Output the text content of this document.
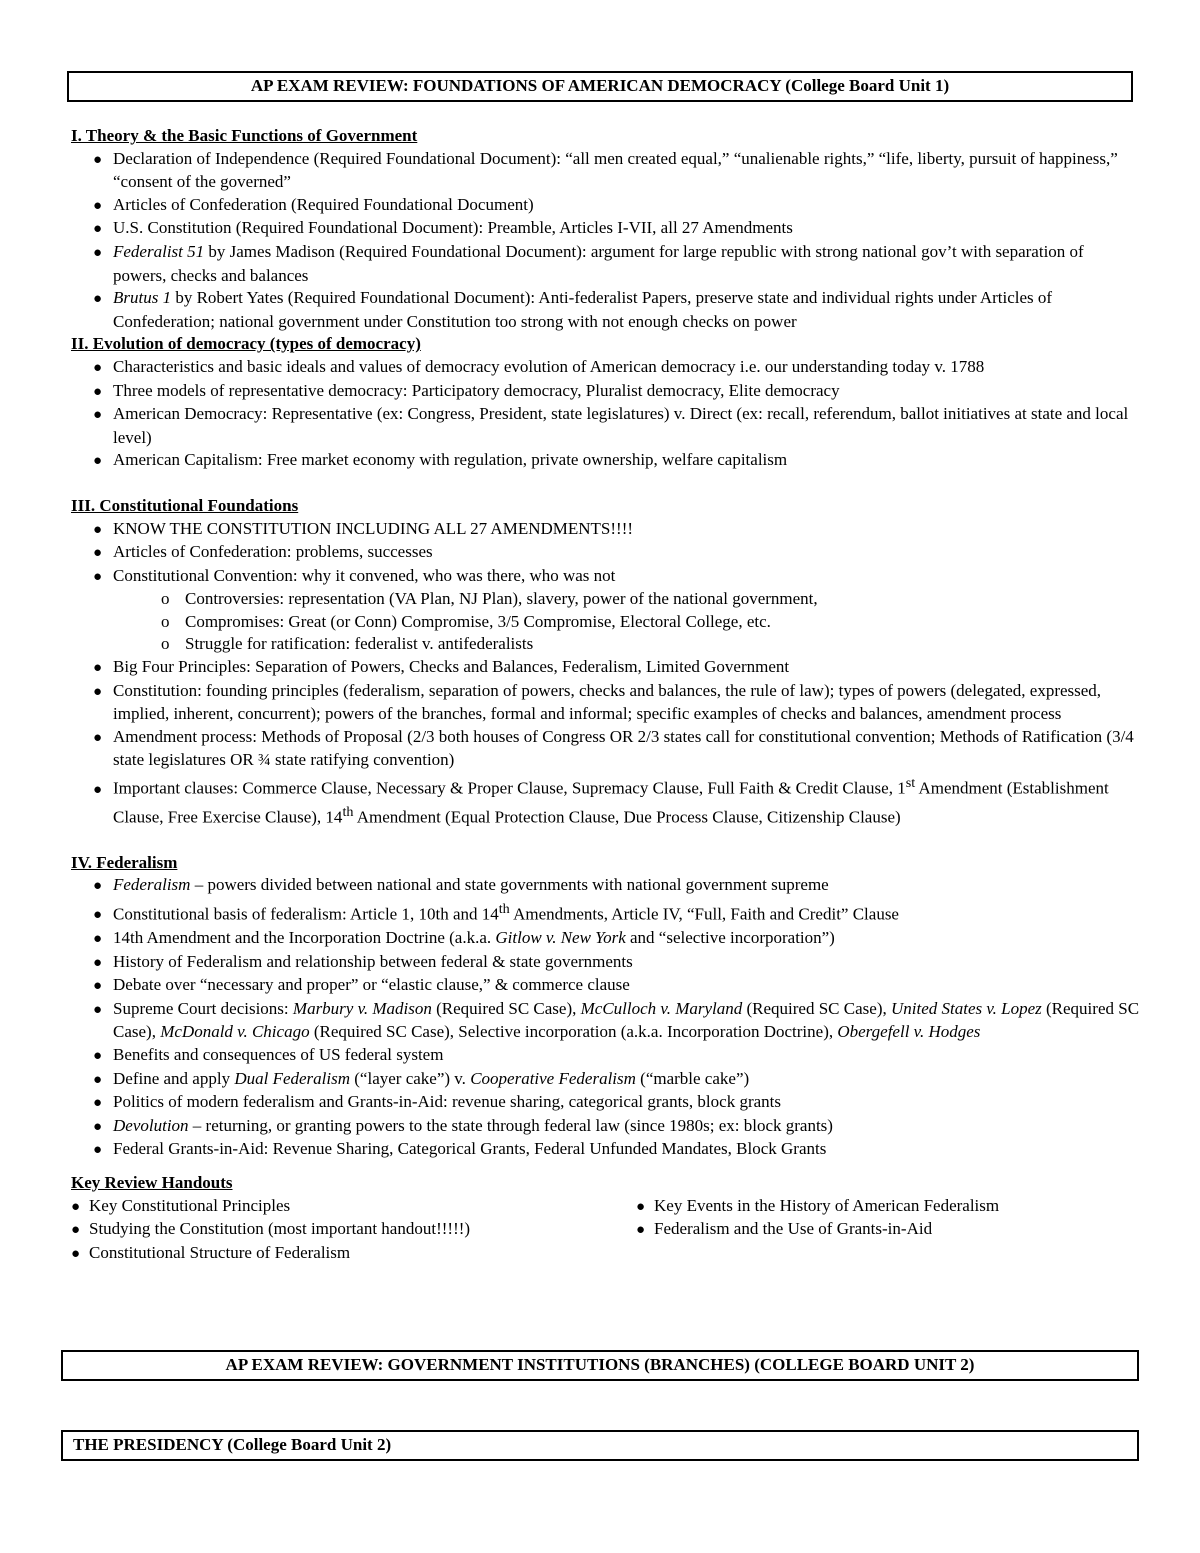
AP EXAM REVIEW: FOUNDATIONS OF AMERICAN DEMOCRACY (College Board Unit 1)
I. Theory & the Basic Functions of Government
● Declaration of Independence (Required Foundational Document): “all men created equal,” “unalienable rights,” “life, liberty, pursuit of happiness,” “consent of the governed”
● Articles of Confederation (Required Foundational Document)
● U.S. Constitution (Required Foundational Document): Preamble, Articles I-VII, all 27 Amendments
● Federalist 51 by James Madison (Required Foundational Document): argument for large republic with strong national gov’t with separation of powers, checks and balances
● Brutus 1 by Robert Yates (Required Foundational Document): Anti-federalist Papers, preserve state and individual rights under Articles of Confederation; national government under Constitution too strong with not enough checks on power
II. Evolution of democracy (types of democracy)
● Characteristics and basic ideals and values of democracy evolution of American democracy i.e. our understanding today v. 1788
● Three models of representative democracy: Participatory democracy, Pluralist democracy, Elite democracy
● American Democracy: Representative (ex: Congress, President, state legislatures) v. Direct (ex: recall, referendum, ballot initiatives at state and local level)
● American Capitalism: Free market economy with regulation, private ownership, welfare capitalism
III. Constitutional Foundations
● KNOW THE CONSTITUTION INCLUDING ALL 27 AMENDMENTS!!!!
● Articles of Confederation: problems, successes
● Constitutional Convention: why it convened, who was there, who was not
o Controversies: representation (VA Plan, NJ Plan), slavery, power of the national government,
o Compromises: Great (or Conn) Compromise, 3/5 Compromise, Electoral College, etc.
o Struggle for ratification: federalist v. antifederalists
● Big Four Principles: Separation of Powers, Checks and Balances, Federalism, Limited Government
● Constitution: founding principles (federalism, separation of powers, checks and balances, the rule of law); types of powers (delegated, expressed, implied, inherent, concurrent); powers of the branches, formal and informal; specific examples of checks and balances, amendment process
● Amendment process: Methods of Proposal (2/3 both houses of Congress OR 2/3 states call for constitutional convention; Methods of Ratification (3/4 state legislatures OR ¾ state ratifying convention)
● Important clauses: Commerce Clause, Necessary & Proper Clause, Supremacy Clause, Full Faith & Credit Clause, 1st Amendment (Establishment Clause, Free Exercise Clause), 14th Amendment (Equal Protection Clause, Due Process Clause, Citizenship Clause)
IV. Federalism
● Federalism – powers divided between national and state governments with national government supreme
● Constitutional basis of federalism: Article 1, 10th and 14th Amendments, Article IV, “Full, Faith and Credit” Clause
● 14th Amendment and the Incorporation Doctrine (a.k.a. Gitlow v. New York and “selective incorporation”)
● History of Federalism and relationship between federal & state governments
● Debate over “necessary and proper” or “elastic clause,” & commerce clause
● Supreme Court decisions: Marbury v. Madison (Required SC Case), McCulloch v. Maryland (Required SC Case), United States v. Lopez (Required SC Case), McDonald v. Chicago (Required SC Case), Selective incorporation (a.k.a. Incorporation Doctrine), Obergefell v. Hodges
● Benefits and consequences of US federal system
● Define and apply Dual Federalism (“layer cake”) v. Cooperative Federalism (“marble cake”)
● Politics of modern federalism and Grants-in-Aid: revenue sharing, categorical grants, block grants
● Devolution – returning, or granting powers to the state through federal law (since 1980s; ex: block grants)
● Federal Grants-in-Aid: Revenue Sharing, Categorical Grants, Federal Unfunded Mandates, Block Grants
Key Review Handouts
● Key Constitutional Principles
● Studying the Constitution (most important handout!!!!!)
● Constitutional Structure of Federalism
● Key Events in the History of American Federalism
● Federalism and the Use of Grants-in-Aid
AP EXAM REVIEW: GOVERNMENT INSTITUTIONS (BRANCHES) (COLLEGE BOARD UNIT 2)
THE PRESIDENCY (College Board Unit 2)
